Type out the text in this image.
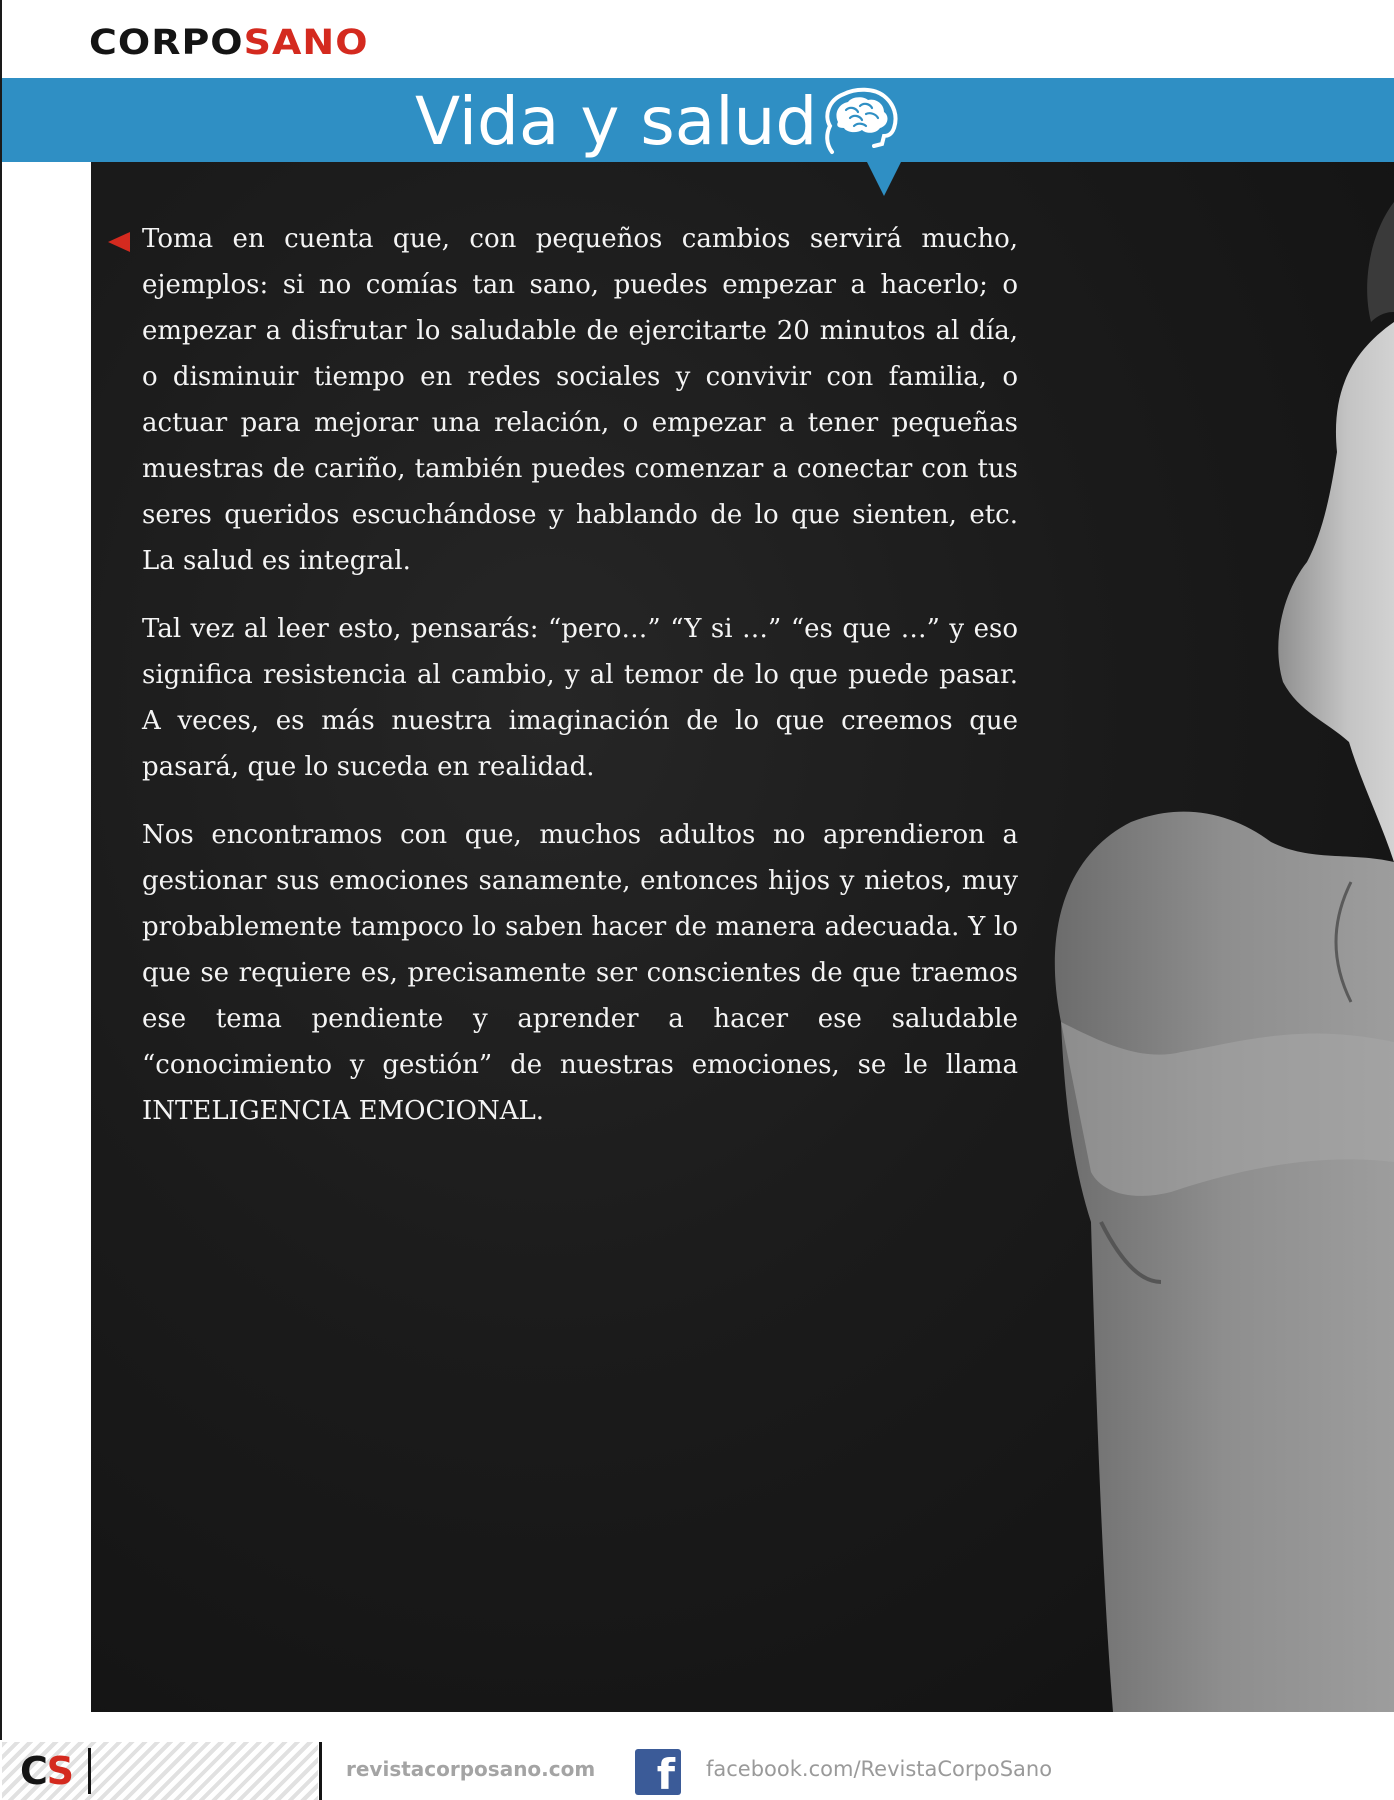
CORPOSANO
Vida y salud

Toma en cuenta que, con pequeños cambios servirá mucho, ejemplos: si no comías tan sano, puedes empezar a hacerlo; o empezar a disfrutar lo saludable de ejercitarte 20 minutos al día, o disminuir tiempo en redes sociales y convivir con familia, o actuar para mejorar una relación, o empezar a tener pequeñas muestras de cariño, también puedes comenzar a conectar con tus seres queridos escuchándose y hablando de lo que sienten, etc. La salud es integral.

Tal vez al leer esto, pensarás: “pero…” “Y si …” “es que …” y eso significa resistencia al cambio, y al temor de lo que puede pasar. A veces, es más nuestra imaginación de lo que creemos que pasará, que lo suceda en realidad.

Nos encontramos con que, muchos adultos no aprendieron a gestionar sus emociones sanamente, entonces hijos y nietos, muy probablemente tampoco lo saben hacer de manera adecuada. Y lo que se requiere es, precisamente ser conscientes de que traemos ese tema pendiente y aprender a hacer ese saludable “conocimiento y gestión” de nuestras emociones, se le llama INTELIGENCIA EMOCIONAL.

CS	revistacorposano.com	f facebook.com/RevistaCorpoSano
